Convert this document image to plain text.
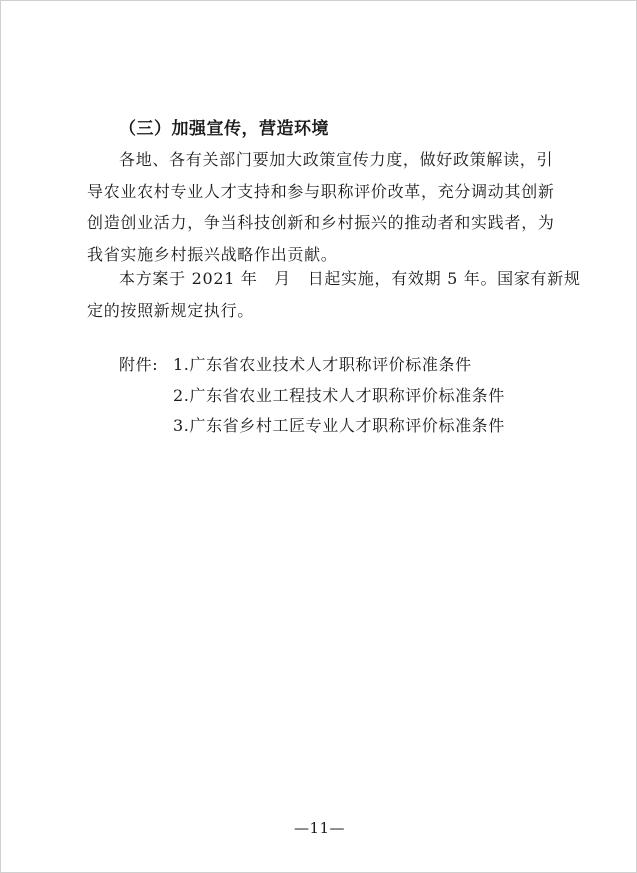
（三）加强宣传，营造环境
各地、各有关部门要加大政策宣传力度，做好政策解读，引
导农业农村专业人才支持和参与职称评价改革，充分调动其创新
创造创业活力，争当科技创新和乡村振兴的推动者和实践者，为
我省实施乡村振兴战略作出贡献。
本方案于 2021 年　月　日起实施，有效期 5 年。国家有新规
定的按照新规定执行。
附件: 1.广东省农业技术人才职称评价标准条件
2.广东省农业工程技术人才职称评价标准条件
3.广东省乡村工匠专业人才职称评价标准条件
—11—
